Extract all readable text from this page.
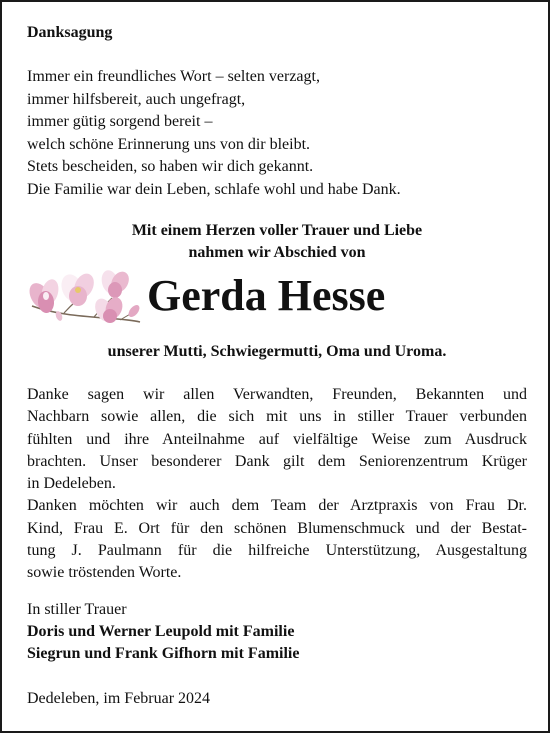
Danksagung
Immer ein freundliches Wort – selten verzagt,
immer hilfsbereit, auch ungefragt,
immer gütig sorgend bereit –
welch schöne Erinnerung uns von dir bleibt.
Stets bescheiden, so haben wir dich gekannt.
Die Familie war dein Leben, schlafe wohl und habe Dank.
Mit einem Herzen voller Trauer und Liebe
nahmen wir Abschied von
Gerda Hesse
unserer Mutti, Schwiegermutti, Oma und Uroma.

Danke sagen wir allen Verwandten, Freunden, Bekannten und
Nachbarn sowie allen, die sich mit uns in stiller Trauer verbunden
fühlten und ihre Anteilnahme auf vielfältige Weise zum Ausdruck
brachten. Unser besonderer Dank gilt dem Seniorenzentrum Krüger
in Dedeleben.

Danken möchten wir auch dem Team der Arztpraxis von Frau Dr.
Kind, Frau E. Ort für den schönen Blumenschmuck und der Bestat-
tung J. Paulmann für die hilfreiche Unterstützung, Ausgestaltung
sowie tröstenden Worte.

In stiller Trauer
Doris und Werner Leupold mit Familie
Siegrun und Frank Gifhorn mit Familie
Dedeleben, im Februar 2024
